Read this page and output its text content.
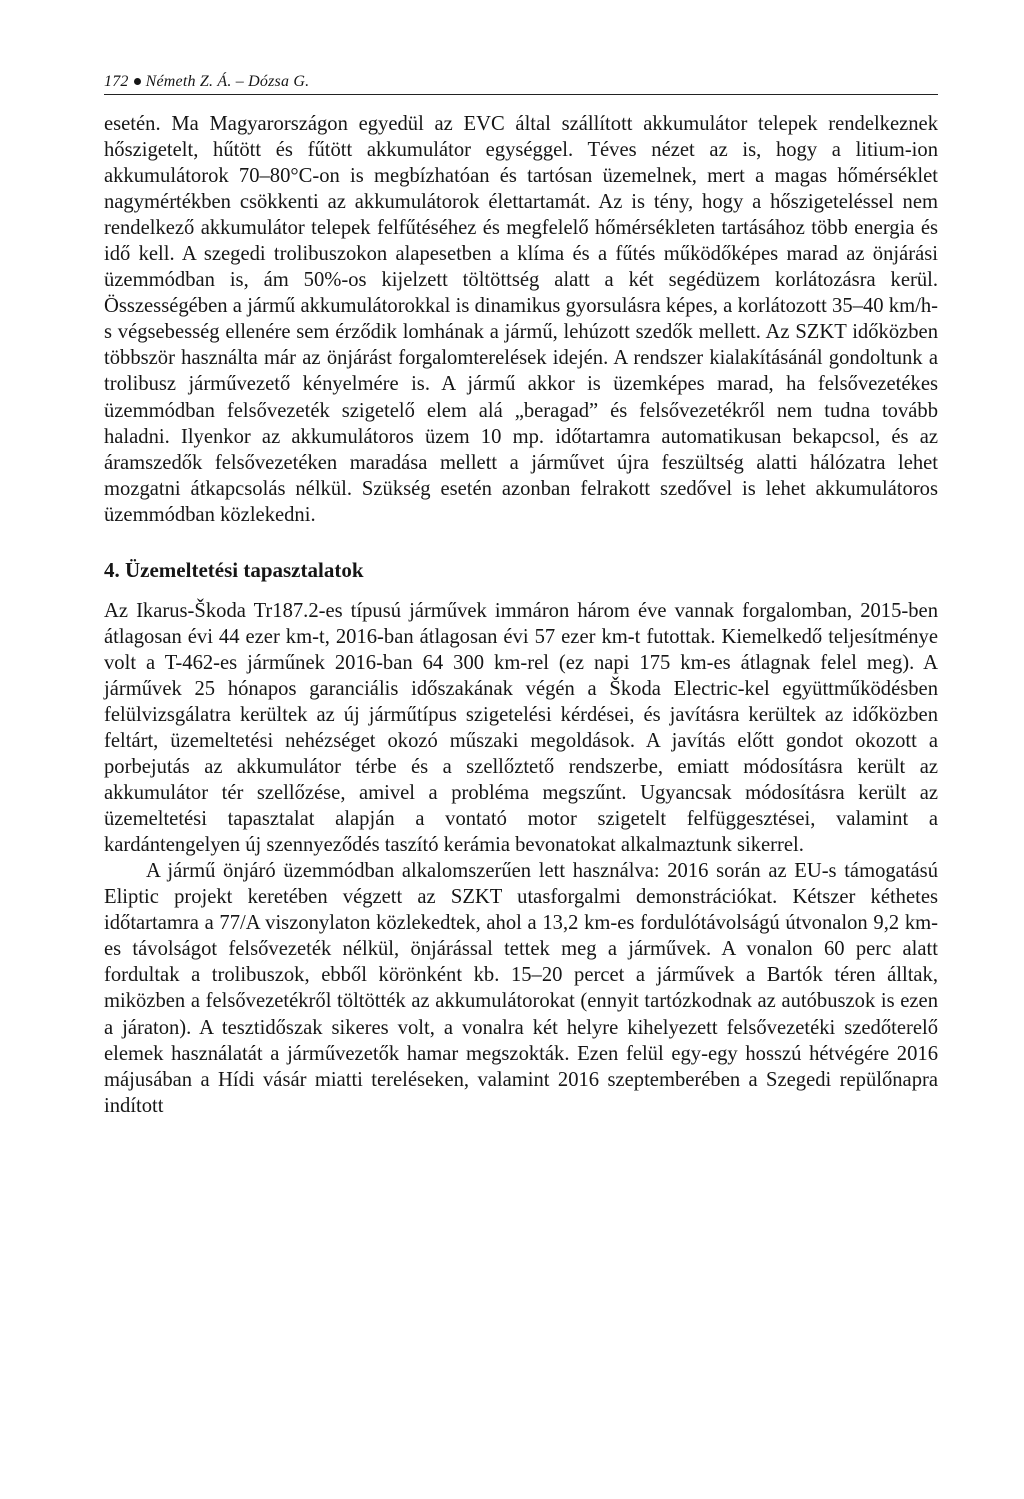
172 Németh Z. Á. – Dózsa G.

esetén. Ma Magyarországon egyedül az EVC által szállított akkumulátor telepek rendelkeznek hőszigetelt, hűtött és fűtött akkumulátor egységgel. Téves nézet az is, hogy a litium-ion akkumulátorok 70–80°C-on is megbízhatóan és tartósan üzemelnek, mert a magas hőmérséklet nagymértékben csökkenti az akkumulátorok élettartamát. Az is tény, hogy a hőszigeteléssel nem rendelkező akkumulátor telepek felfűtéséhez és megfelelő hőmérsékleten tartásához több energia és idő kell. A szegedi trolibuszokon alapesetben a klíma és a fűtés működőképes marad az önjárási üzemmódban is, ám 50%-os kijelzett töltöttség alatt a két segédüzem korlátozásra kerül. Összességében a jármű akkumulátorokkal is dinamikus gyorsulásra képes, a korlátozott 35–40 km/h-s végsebesség ellenére sem érződik lomhának a jármű, lehúzott szedők mellett. Az SZKT időközben többször használta már az önjárást forgalomterelések idején. A rendszer kialakításánál gondoltunk a trolibusz járművezető kényelmére is. A jármű akkor is üzemképes marad, ha felsővezetékes üzemmódban felsővezeték szigetelő elem alá „beragad” és felsővezetékről nem tudna tovább haladni. Ilyenkor az akkumulátoros üzem 10 mp. időtartamra automatikusan bekapcsol, és az áramszedők felsővezetéken maradása mellett a járművet újra feszültség alatti hálózatra lehet mozgatni átkapcsolás nélkül. Szükség esetén azonban felrakott szedővel is lehet akkumulátoros üzemmódban közlekedni.

4. Üzemeltetési tapasztalatok

Az Ikarus-Škoda Tr187.2-es típusú járművek immáron három éve vannak forgalomban, 2015-ben átlagosan évi 44 ezer km-t, 2016-ban átlagosan évi 57 ezer km-t futottak. Kiemelkedő teljesítménye volt a T-462-es járműnek 2016-ban 64 300 km-rel (ez napi 175 km-es átlagnak felel meg). A járművek 25 hónapos garanciális időszakának végén a Škoda Electric-kel együttműködésben felülvizsgálatra kerültek az új járműtípus szigetelési kérdései, és javításra kerültek az időközben feltárt, üzemeltetési nehézséget okozó műszaki megoldások. A javítás előtt gondot okozott a porbejutás az akkumulátor térbe és a szellőztető rendszerbe, emiatt módosításra került az akkumulátor tér szellőzése, amivel a probléma megszűnt. Ugyancsak módosításra került az üzemeltetési tapasztalat alapján a vontató motor szigetelt felfüggesztései, valamint a kardántengelyen új szennyeződés taszító kerámia bevonatokat alkalmaztunk sikerrel.

A jármű önjáró üzemmódban alkalomszerűen lett használva: 2016 során az EU-s támogatású Eliptic projekt keretében végzett az SZKT utasforgalmi demonstrációkat. Kétszer kéthetes időtartamra a 77/A viszonylaton közlekedtek, ahol a 13,2 km-es fordulótávolságú útvonalon 9,2 km-es távolságot felsővezeték nélkül, önjárással tettek meg a járművek. A vonalon 60 perc alatt fordultak a trolibuszok, ebből körönként kb. 15–20 percet a járművek a Bartók téren álltak, miközben a felsővezetékről töltötték az akkumulátorokat (ennyit tartózkodnak az autóbuszok is ezen a járaton). A tesztidőszak sikeres volt, a vonalra két helyre kihelyezett felsővezetéki szedőterelő elemek használatát a járművezetők hamar megszokták. Ezen felül egy-egy hosszú hétvégére 2016 májusában a Hídi vásár miatti tereléseken, valamint 2016 szeptemberében a Szegedi repülőnapra indított
